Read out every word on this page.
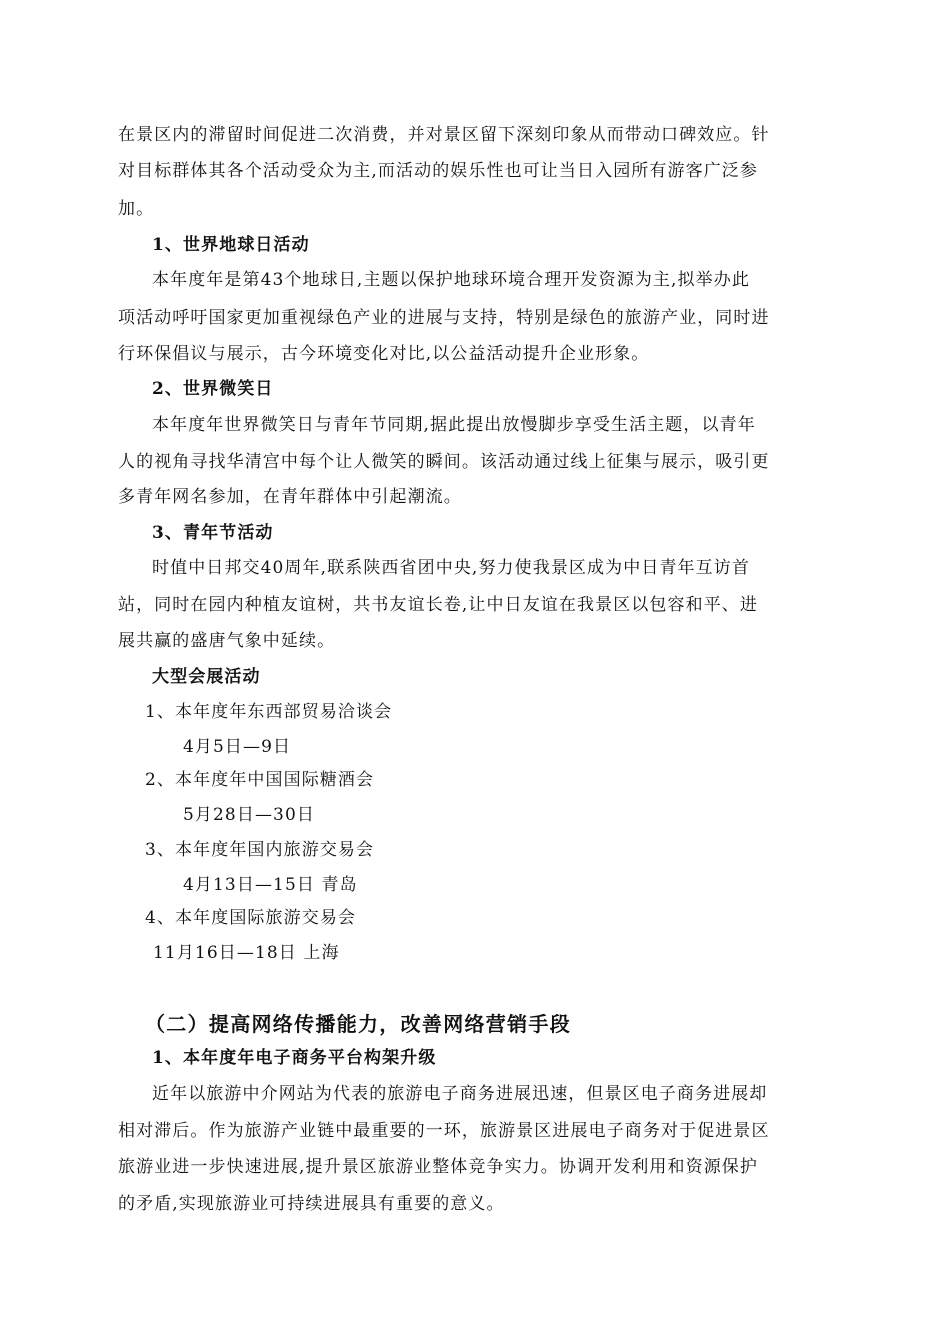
在景区内的滞留时间促进二次消费，并对景区留下深刻印象从而带动口碑效应。针
对目标群体其各个活动受众为主,而活动的娱乐性也可让当日入园所有游客广泛参
加。
1、世界地球日活动
本年度年是第43个地球日,主题以保护地球环境合理开发资源为主,拟举办此
项活动呼吁国家更加重视绿色产业的进展与支持，特别是绿色的旅游产业，同时进
行环保倡议与展示，古今环境变化对比,以公益活动提升企业形象。
2、世界微笑日
本年度年世界微笑日与青年节同期,据此提出放慢脚步享受生活主题，以青年
人的视角寻找华清宫中每个让人微笑的瞬间。该活动通过线上征集与展示，吸引更
多青年网名参加，在青年群体中引起潮流。
3、青年节活动
时值中日邦交40周年,联系陕西省团中央,努力使我景区成为中日青年互访首
站，同时在园内种植友谊树，共书友谊长卷,让中日友谊在我景区以包容和平、进
展共赢的盛唐气象中延续。
大型会展活动
1、本年度年东西部贸易洽谈会
4月5日—9日
2、本年度年中国国际糖酒会
5月28日—30日
3、本年度年国内旅游交易会
4月13日—15日 青岛
4、本年度国际旅游交易会
11月16日—18日 上海
（二）提高网络传播能力，改善网络营销手段
1、本年度年电子商务平台构架升级
近年以旅游中介网站为代表的旅游电子商务进展迅速，但景区电子商务进展却
相对滞后。作为旅游产业链中最重要的一环，旅游景区进展电子商务对于促进景区
旅游业进一步快速进展,提升景区旅游业整体竞争实力。协调开发利用和资源保护
的矛盾,实现旅游业可持续进展具有重要的意义。
